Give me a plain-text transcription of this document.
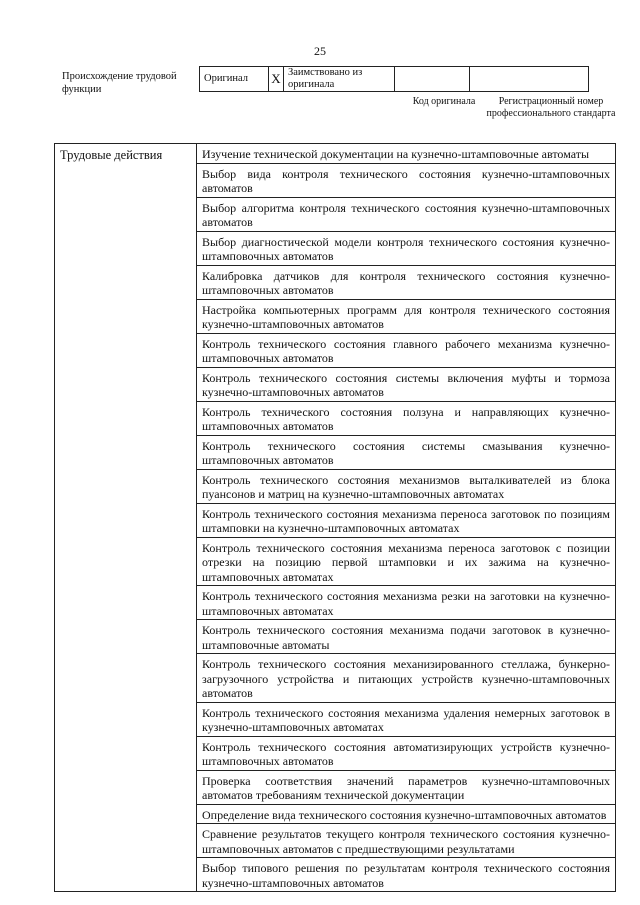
25
Происхождение трудовой функции
Оригинал	X	Заимствовано из оригинала		
Код оригинала	Регистрационный номер профессионального стандарта
Трудовые действия	Изучение технической документации на кузнечно-штамповочные автоматы
Выбор вида контроля технического состояния кузнечно-штамповочных автоматов
Выбор алгоритма контроля технического состояния кузнечно-штамповочных автоматов
Выбор диагностической модели контроля технического состояния кузнечно-штамповочных автоматов
Калибровка датчиков для контроля технического состояния кузнечно-штамповочных автоматов
Настройка компьютерных программ для контроля технического состояния кузнечно-штамповочных автоматов
Контроль технического состояния главного рабочего механизма кузнечно-штамповочных автоматов
Контроль технического состояния системы включения муфты и тормоза кузнечно-штамповочных автоматов
Контроль технического состояния ползуна и направляющих кузнечно-штамповочных автоматов
Контроль технического состояния системы смазывания кузнечно-штамповочных автоматов
Контроль технического состояния механизмов выталкивателей из блока пуансонов и матриц на кузнечно-штамповочных автоматах
Контроль технического состояния механизма переноса заготовок по позициям штамповки на кузнечно-штамповочных автоматах
Контроль технического состояния механизма переноса заготовок с позиции отрезки на позицию первой штамповки и их зажима на кузнечно-штамповочных автоматах
Контроль технического состояния механизма резки на заготовки на кузнечно-штамповочных автоматах
Контроль технического состояния механизма подачи заготовок в кузнечно-штамповочные автоматы
Контроль технического состояния механизированного стеллажа, бункерно-загрузочного устройства и питающих устройств кузнечно-штамповочных автоматов
Контроль технического состояния механизма удаления немерных заготовок в кузнечно-штамповочных автоматах
Контроль технического состояния автоматизирующих устройств кузнечно-штамповочных автоматов
Проверка соответствия значений параметров кузнечно-штамповочных автоматов требованиям технической документации
Определение вида технического состояния кузнечно-штамповочных автоматов
Сравнение результатов текущего контроля технического состояния кузнечно-штамповочных автоматов с предшествующими результатами
Выбор типового решения по результатам контроля технического состояния кузнечно-штамповочных автоматов
